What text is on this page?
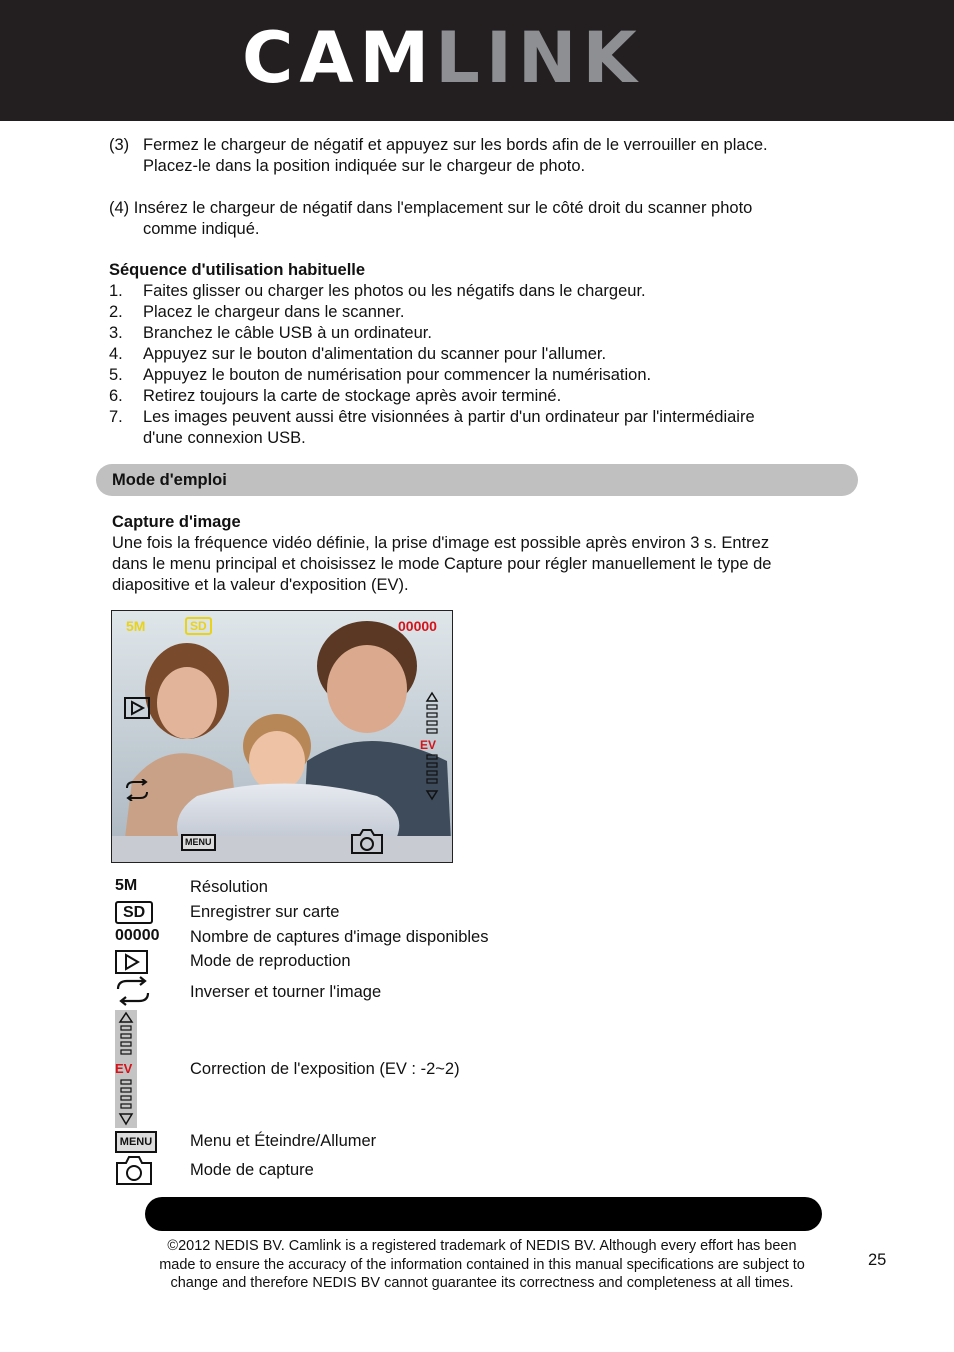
CAM LINK
(3) Fermez le chargeur de négatif et appuyez sur les bords afin de le verrouiller en place.
Placez-le dans la position indiquée sur le chargeur de photo.
(4) Insérez le chargeur de négatif dans l'emplacement sur le côté droit du scanner photo
comme indiqué.
Séquence d'utilisation habituelle
1. Faites glisser ou charger les photos ou les négatifs dans le chargeur.
2. Placez le chargeur dans le scanner.
3. Branchez le câble USB à un ordinateur.
4. Appuyez sur le bouton d'alimentation du scanner pour l'allumer.
5. Appuyez le bouton de numérisation pour commencer la numérisation.
6. Retirez toujours la carte de stockage après avoir terminé.
7. Les images peuvent aussi être visionnées à partir d'un ordinateur par l'intermédiaire
d'une connexion USB.
Mode d'emploi
Capture d'image
Une fois la fréquence vidéo définie, la prise d'image est possible après environ 3 s. Entrez
dans le menu principal et choisissez le mode Capture pour régler manuellement le type de
diapositive et la valeur d'exposition (EV).
5M	SD	00000
EV
MENU
5M	Résolution
SD	Enregistrer sur carte
00000 Nombre de captures d'image disponibles
Mode de reproduction
Inverser et tourner l'image
EV	Correction de l'exposition (EV : -2~2)
MENU Menu et Éteindre/Allumer
Mode de capture
©2012 NEDIS BV. Camlink is a registered trademark of NEDIS BV. Although every effort has been
made to ensure the accuracy of the information contained in this manual specifications are subject to
change and therefore NEDIS BV cannot guarantee its correctness and completeness at all times.
25
